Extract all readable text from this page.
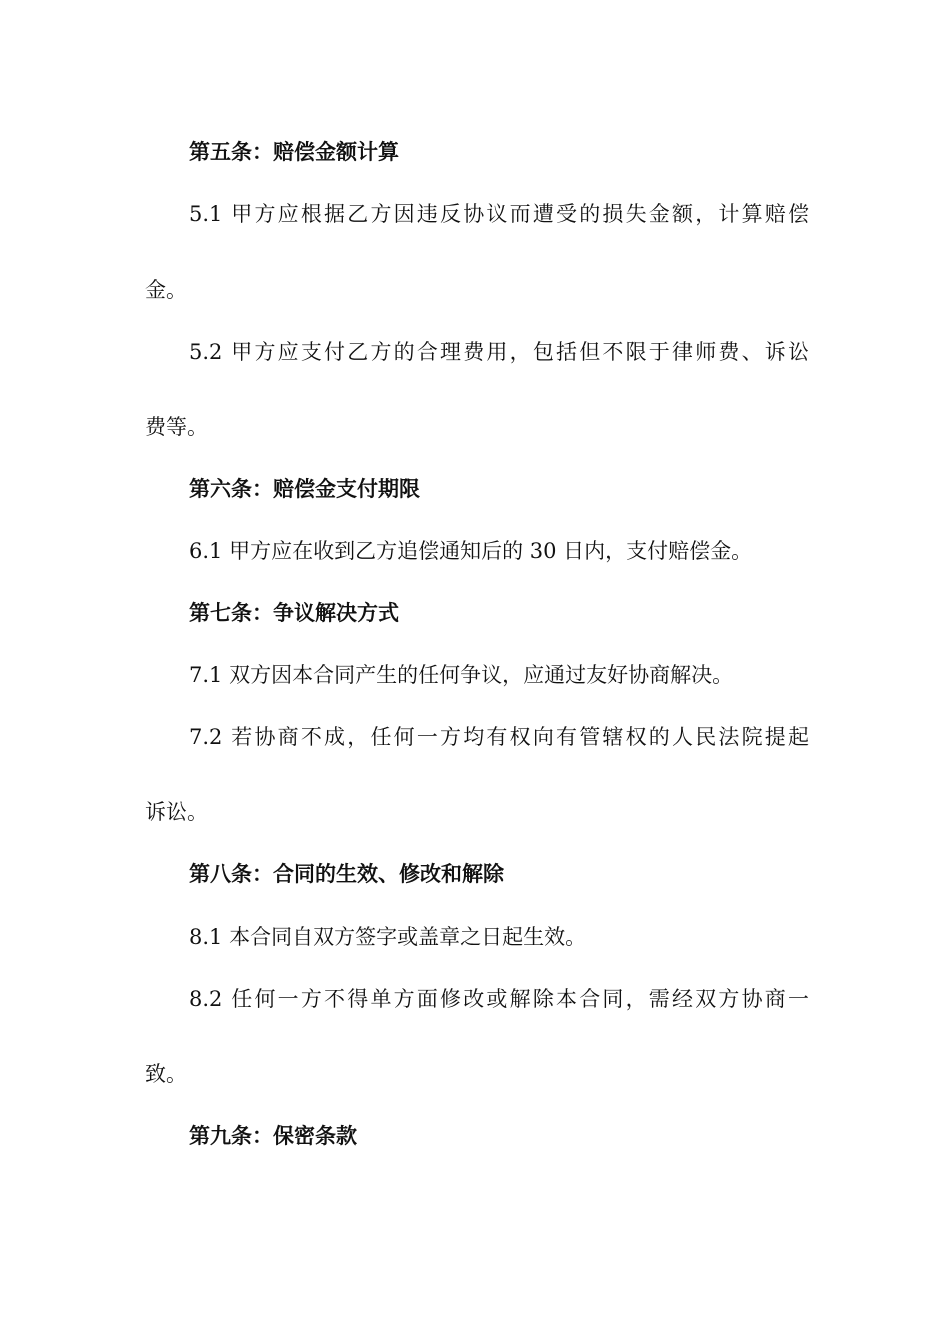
第五条：赔偿金额计算
5.1 甲方应根据乙方因违反协议而遭受的损失金额，计算赔偿
金。
5.2 甲方应支付乙方的合理费用，包括但不限于律师费、诉讼
费等。
第六条：赔偿金支付期限
6.1 甲方应在收到乙方追偿通知后的 30 日内，支付赔偿金。
第七条：争议解决方式
7.1 双方因本合同产生的任何争议，应通过友好协商解决。
7.2 若协商不成，任何一方均有权向有管辖权的人民法院提起
诉讼。
第八条：合同的生效、修改和解除
8.1 本合同自双方签字或盖章之日起生效。
8.2 任何一方不得单方面修改或解除本合同，需经双方协商一
致。
第九条：保密条款
